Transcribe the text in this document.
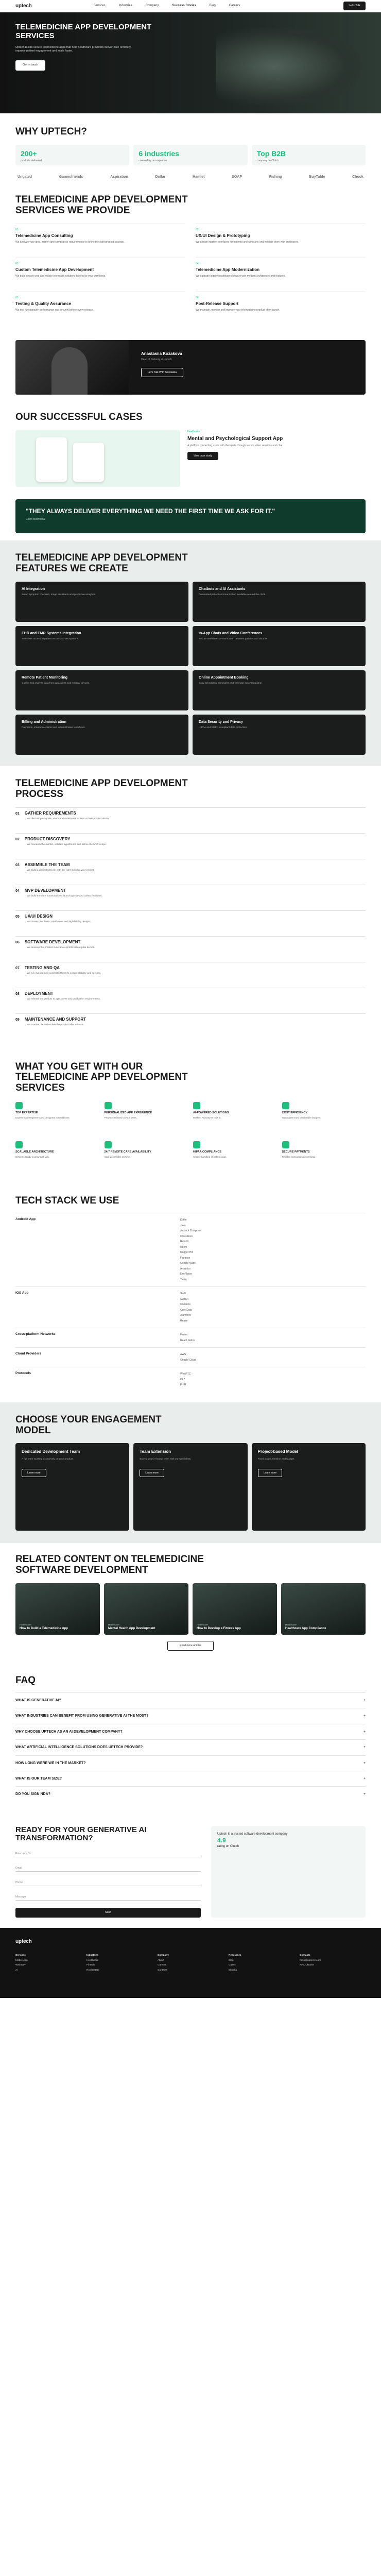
uptech	Services	Industries	Company	Success Stories	Blog	Careers	Let's Talk
TELEMEDICINE APP DEVELOPMENT SERVICES

Uptech builds secure telemedicine apps that help healthcare providers deliver care remotely, improve patient engagement and scale faster.

Get in touch
WHY UPTECH?
200+
products delivered
6 industries
covered by our expertise
Top B2B
company on Clutch
Ungated	Gamesfriends	Aspiration	Dollar	Hamlet	SOAP	Fishing	BuyTable	Chook
TELEMEDICINE APP DEVELOPMENT SERVICES WE PROVIDE
01
Telemedicine App Consulting

We analyze your idea, market and compliance requirements to define the right product strategy.

02
UX/UI Design & Prototyping

We design intuitive interfaces for patients and clinicians and validate them with prototypes.

03
Custom Telemedicine App Development

We build secure web and mobile telehealth solutions tailored to your workflows.

04
Telemedicine App Modernization

We upgrade legacy healthcare software with modern architecture and features.

05
Testing & Quality Assurance

We test functionality, performance and security before every release.

06
Post-Release Support

We maintain, monitor and improve your telemedicine product after launch.

Anastasiia Kozakova
Head of Delivery at Uptech
Let's Talk With Anastasiia
OUR SUCCESSFUL CASES
Healthcare
Mental and Psychological Support App

A platform connecting users with therapists through secure video sessions and chat.

View case study
"THEY ALWAYS DELIVER EVERYTHING WE NEED THE FIRST TIME WE ASK FOR IT."

Client testimonial

TELEMEDICINE APP DEVELOPMENT FEATURES WE CREATE
AI Integration

Smart symptom checkers, triage assistants and predictive analytics.

Chatbots and AI Assistants

Automated patient communication available around the clock.

EHR and EMR Systems Integration

Seamless access to patient records across systems.

In-App Chats and Video Conferences

Secure real-time communication between patients and doctors.

Remote Patient Monitoring

Collect and analyze data from wearables and medical devices.

Online Appointment Booking

Easy scheduling, reminders and calendar synchronization.

Billing and Administration

Payments, insurance claims and administrative workflows.

Data Security and Privacy

HIPAA and GDPR compliant data protection.

TELEMEDICINE APP DEVELOPMENT PROCESS
01 GATHER REQUIREMENTS

We discuss your goals, users and constraints to form a clear product vision.

02 PRODUCT DISCOVERY

We research the market, validate hypotheses and define the MVP scope.

03 ASSEMBLE THE TEAM

We build a dedicated team with the right skills for your project.

04 MVP DEVELOPMENT

We build the core functionality to launch quickly and collect feedback.

05 UX/UI DESIGN

We create user flows, wireframes and high-fidelity designs.

06 SOFTWARE DEVELOPMENT

We develop the product in iterative sprints with regular demos.

07 TESTING AND QA

We run manual and automated tests to ensure stability and security.

08 DEPLOYMENT

We release the product to app stores and production environments.

09 MAINTENANCE AND SUPPORT

We monitor, fix and evolve the product after release.

WHAT YOU GET WITH OUR TELEMEDICINE APP DEVELOPMENT SERVICES
TOP EXPERTISE

Experienced engineers and designers in healthcare.

PERSONALIZED APP EXPERIENCE

Products tailored to your users.

AI-POWERED SOLUTIONS

Modern AI features built in.

COST EFFICIENCY

Transparent and predictable budgets.

SCALABLE ARCHITECTURE

Systems ready to grow with you.

24/7 REMOTE CARE AVAILABILITY

Care accessible anytime.

HIPAA COMPLIANCE

Secure handling of patient data.

SECURE PAYMENTS

Reliable transaction processing.

TECH STACK WE USE
Android App	Kotlin
Java
Jetpack Compose
Coroutines
Retrofit
Room
Dagger Hilt
Firebase
Google Maps
Analytics
ExoPlayer
Twilio
iOS App	Swift
SwiftUI
Combine
Core Data
Alamofire
Realm
Cross-platform Networks	Flutter
React Native
Cloud Providers	AWS
Google Cloud
Protocols	WebRTC
HL7
FHIR
CHOOSE YOUR ENGAGEMENT MODEL
Dedicated Development Team

A full team working exclusively on your product.

Learn more
Team Extension

Extend your in-house team with our specialists.

Learn more
Project-based Model

Fixed scope, timeline and budget.

Learn more
RELATED CONTENT ON TELEMEDICINE SOFTWARE DEVELOPMENT
Healthcare
How to Build a Telemedicine App
Healthcare
Mental Health App Development
Healthcare
How to Develop a Fitness App
Healthcare
Healthcare App Compliance
Read more articles
FAQ
WHAT IS GENERATIVE AI?	+
WHAT INDUSTRIES CAN BENEFIT FROM USING GENERATIVE AI THE MOST?	+
WHY CHOOSE UPTECH AS AN AI DEVELOPMENT COMPANY?	+
WHAT ARTIFICIAL INTELLIGENCE SOLUTIONS DOES UPTECH PROVIDE?	+
HOW LONG WERE WE IN THE MARKET?	+
WHAT IS OUR TEAM SIZE?	+
DO YOU SIGN NDA?	+
READY FOR YOUR GENERATIVE AI TRANSFORMATION?
Enter as a Biz
Email
Phone
Message
Send

Uptech is a trusted software development company

4.9

rating on Clutch

uptech
Services
Mobile App
Web Dev
AI
Industries
Healthcare
Fintech
Real Estate
Company
About
Careers
Contacts
Resources
Blog
Cases
Ebooks
Contacts
hello@uptech.team
Kyiv, Ukraine
